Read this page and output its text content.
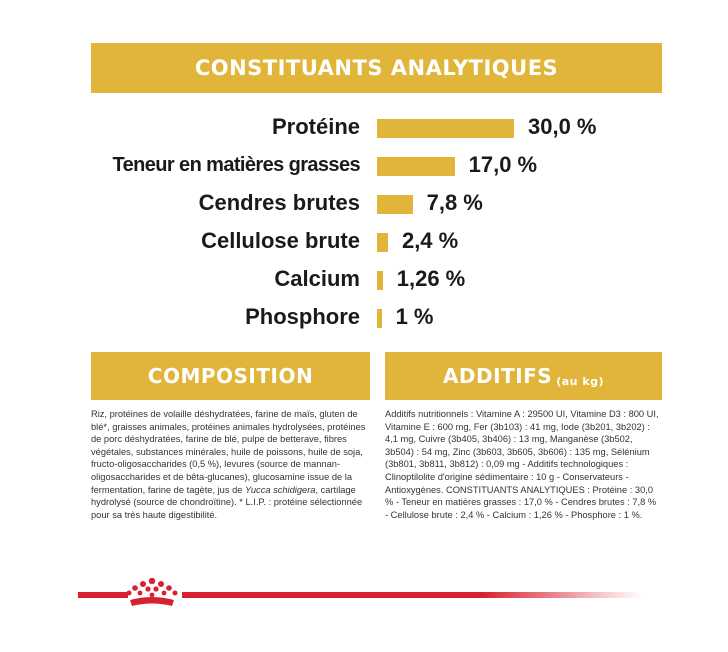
CONSTITUANTS ANALYTIQUES
Protéine	30,0 %
Teneur en matières grasses	17,0 %
Cendres brutes	7,8 %
Cellulose brute 2,4 %
Calcium 1,26 %
Phosphore 1 %
COMPOSITION	ADDITIFS (au kg)
Riz, protéines de volaille déshydratées, farine de maïs, gluten de blé*, graisses animales, protéines animales hydrolysées, protéines de porc déshydratées, farine de blé, pulpe de betterave, fibres végétales, substances minérales, huile de poissons, huile de soja, fructo-oligosaccharides (0,5 %), levures (source de mannan-oligosaccharides et de bêta-glucanes), glucosamine issue de la fermentation, farine de tagète, jus de Yucca schidigera, cartilage hydrolysé (source de chondroïtine). * L.I.P. : protéine sélectionnée pour sa très haute digestibilité.
Additifs nutritionnels : Vitamine A : 29500 UI, Vitamine D3 : 800 UI, Vitamine E : 600 mg, Fer (3b103) : 41 mg, Iode (3b201, 3b202) : 4,1 mg, Cuivre (3b405, 3b406) : 13 mg, Manganèse (3b502, 3b504) : 54 mg, Zinc (3b603, 3b605, 3b606) : 135 mg, Sélénium (3b801, 3b811, 3b812) : 0,09 mg - Additifs technologiques : Clinoptilolite d'origine sédimentaire : 10 g - Conservateurs - Antioxygènes. CONSTITUANTS ANALYTIQUES : Protéine : 30,0 % - Teneur en matières grasses : 17,0 % - Cendres brutes : 7,8 % - Cellulose brute : 2,4 % - Calcium : 1,26 % - Phosphore : 1 %.
